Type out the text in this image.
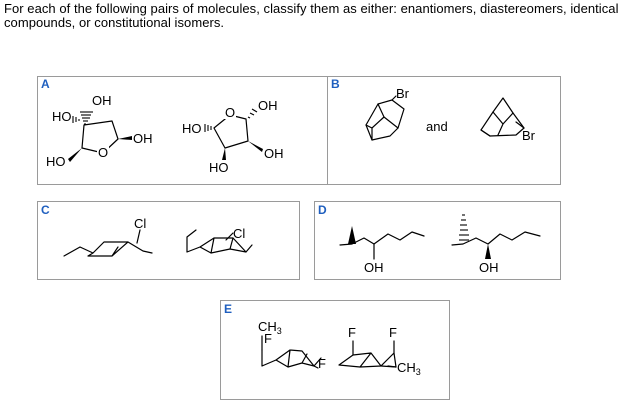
For each of the following pairs of molecules, classify them as either: enantiomers, diastereomers, identical compounds, or constitutional isomers.
A	B
C	D
E
O
OH
HO
OH
HO
O
HO
OH
OH
HO
Br
and
Br
Cl
Cl
OH	OH
$CH_3$
F
F
F	F
$CH_3$
